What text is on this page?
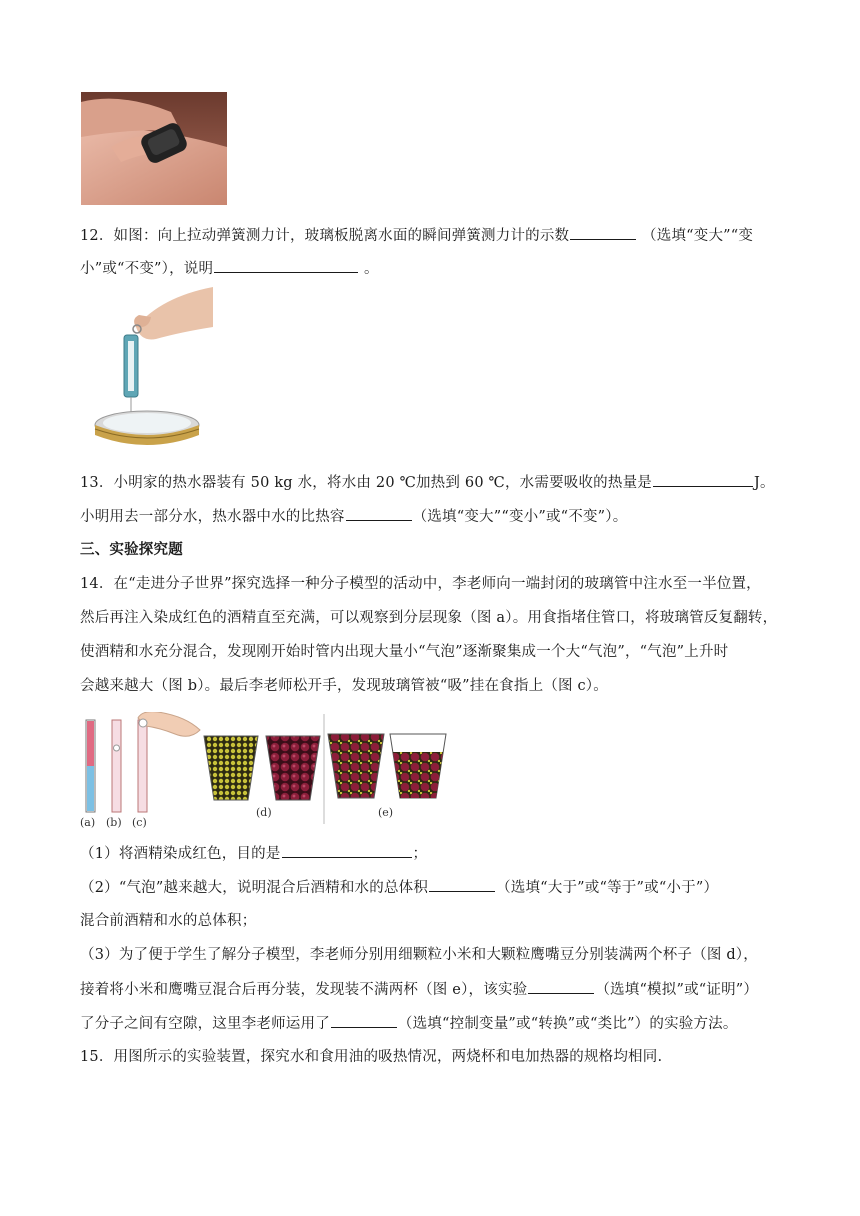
12．如图：向上拉动弹簧测力计，玻璃板脱离水面的瞬间弹簧测力计的示数	（选填“变大”“变
小”或“不变”），说明	。
13．小明家的热水器装有 50 kg 水，将水由 20 ℃加热到 60 ℃，水需要吸收的热量是	J。
小明用去一部分水，热水器中水的比热容	（选填“变大”“变小”或“不变”）。
三、实验探究题
14．在“走进分子世界”探究选择一种分子模型的活动中，李老师向一端封闭的玻璃管中注水至一半位置，
然后再注入染成红色的酒精直至充满，可以观察到分层现象（图 a）。用食指堵住管口，将玻璃管反复翻转，
使酒精和水充分混合，发现刚开始时管内出现大量小“气泡”逐渐聚集成一个大“气泡”，“气泡”上升时
会越来越大（图 b）。最后李老师松开手，发现玻璃管被“吸”挂在食指上（图 c）。
(a) (b) (c)
(d)	(e)
（1）将酒精染成红色，目的是	；
（2）“气泡”越来越大，说明混合后酒精和水的总体积	（选填“大于”或“等于”或“小于”）
混合前酒精和水的总体积；
（3）为了便于学生了解分子模型，李老师分别用细颗粒小米和大颗粒鹰嘴豆分别装满两个杯子（图 d），
接着将小米和鹰嘴豆混合后再分装，发现装不满两杯（图 e），该实验	（选填“模拟”或“证明”）
了分子之间有空隙，这里李老师运用了	（选填“控制变量”或“转换”或“类比”）的实验方法。
15．用图所示的实验装置，探究水和食用油的吸热情况，两烧杯和电加热器的规格均相同.
